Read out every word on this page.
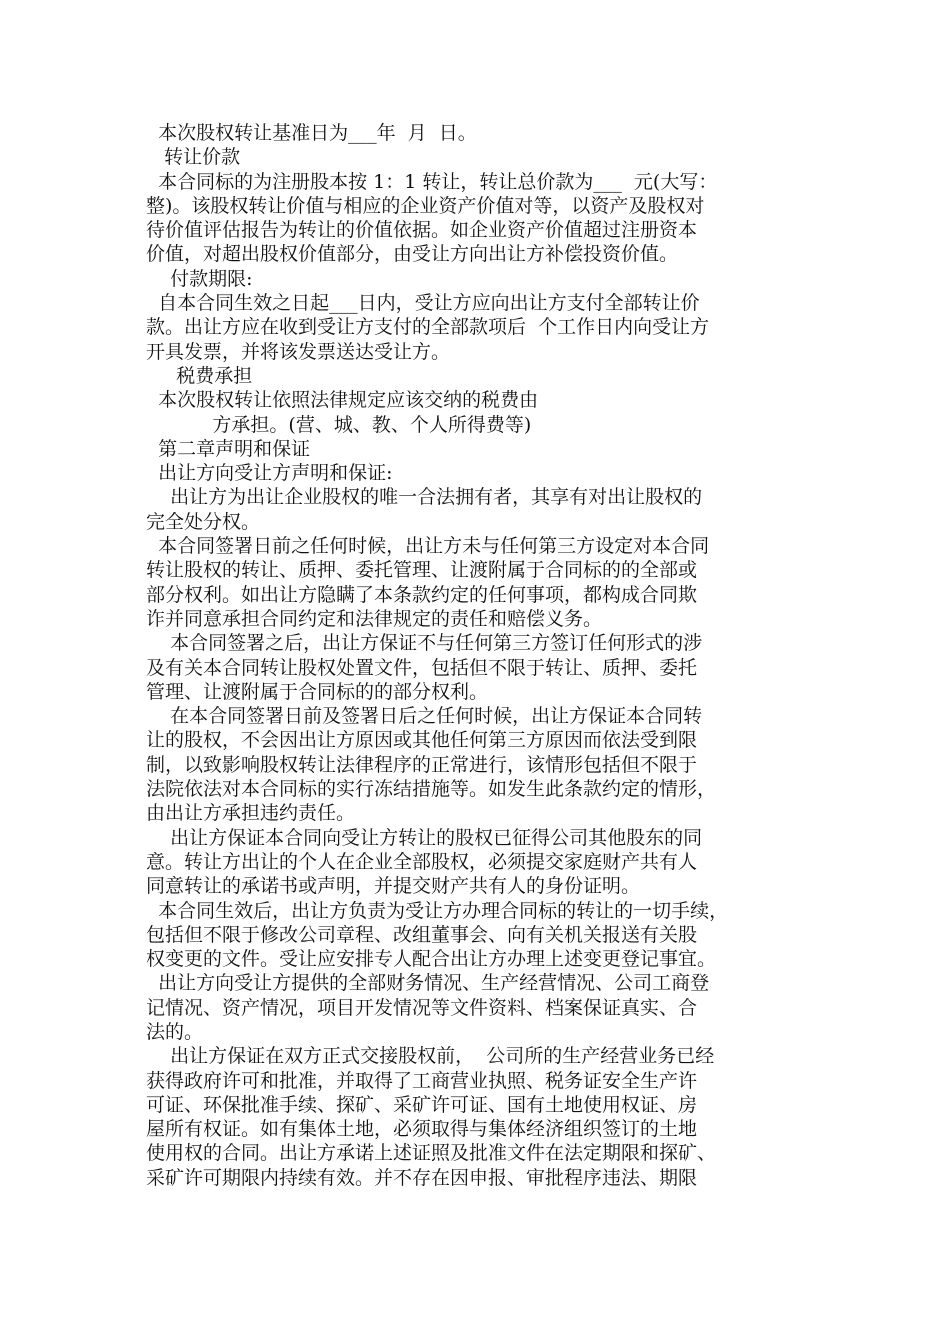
本次股权转让基准日为___年  月  日。
转让价款
本合同标的为注册股本按 1：1 转让，转让总价款为___  元(大写：
整)。该股权转让价值与相应的企业资产价值对等，以资产及股权对
待价值评估报告为转让的价值依据。如企业资产价值超过注册资本
价值，对超出股权价值部分，由受让方向出让方补偿投资价值。
付款期限:
自本合同生效之日起___日内，受让方应向出让方支付全部转让价
款。出让方应在收到受让方支付的全部款项后  个工作日内向受让方
开具发票，并将该发票送达受让方。
税费承担
本次股权转让依照法律规定应该交纳的税费由
方承担。(营、城、教、个人所得费等)
第二章声明和保证
出让方向受让方声明和保证:
出让方为出让企业股权的唯一合法拥有者，其享有对出让股权的
完全处分权。
本合同签署日前之任何时候，出让方未与任何第三方设定对本合同
转让股权的转让、质押、委托管理、让渡附属于合同标的的全部或
部分权利。如出让方隐瞒了本条款约定的任何事项，都构成合同欺
诈并同意承担合同约定和法律规定的责任和赔偿义务。
本合同签署之后，出让方保证不与任何第三方签订任何形式的涉
及有关本合同转让股权处置文件，包括但不限于转让、质押、委托
管理、让渡附属于合同标的的部分权利。
在本合同签署日前及签署日后之任何时候，出让方保证本合同转
让的股权，不会因出让方原因或其他任何第三方原因而依法受到限
制，以致影响股权转让法律程序的正常进行，该情形包括但不限于
法院依法对本合同标的实行冻结措施等。如发生此条款约定的情形，
由出让方承担违约责任。
出让方保证本合同向受让方转让的股权已征得公司其他股东的同
意。转让方出让的个人在企业全部股权，必须提交家庭财产共有人
同意转让的承诺书或声明，并提交财产共有人的身份证明。
本合同生效后，出让方负责为受让方办理合同标的转让的一切手续，
包括但不限于修改公司章程、改组董事会、向有关机关报送有关股
权变更的文件。受让应安排专人配合出让方办理上述变更登记事宜。
出让方向受让方提供的全部财务情况、生产经营情况、公司工商登
记情况、资产情况，项目开发情况等文件资料、档案保证真实、合
法的。
出让方保证在双方正式交接股权前，  公司所的生产经营业务已经
获得政府许可和批准，并取得了工商营业执照、税务证安全生产许
可证、环保批准手续、探矿、采矿许可证、国有土地使用权证、房
屋所有权证。如有集体土地，必须取得与集体经济组织签订的土地
使用权的合同。出让方承诺上述证照及批准文件在法定期限和探矿、
采矿许可期限内持续有效。并不存在因申报、审批程序违法、期限
